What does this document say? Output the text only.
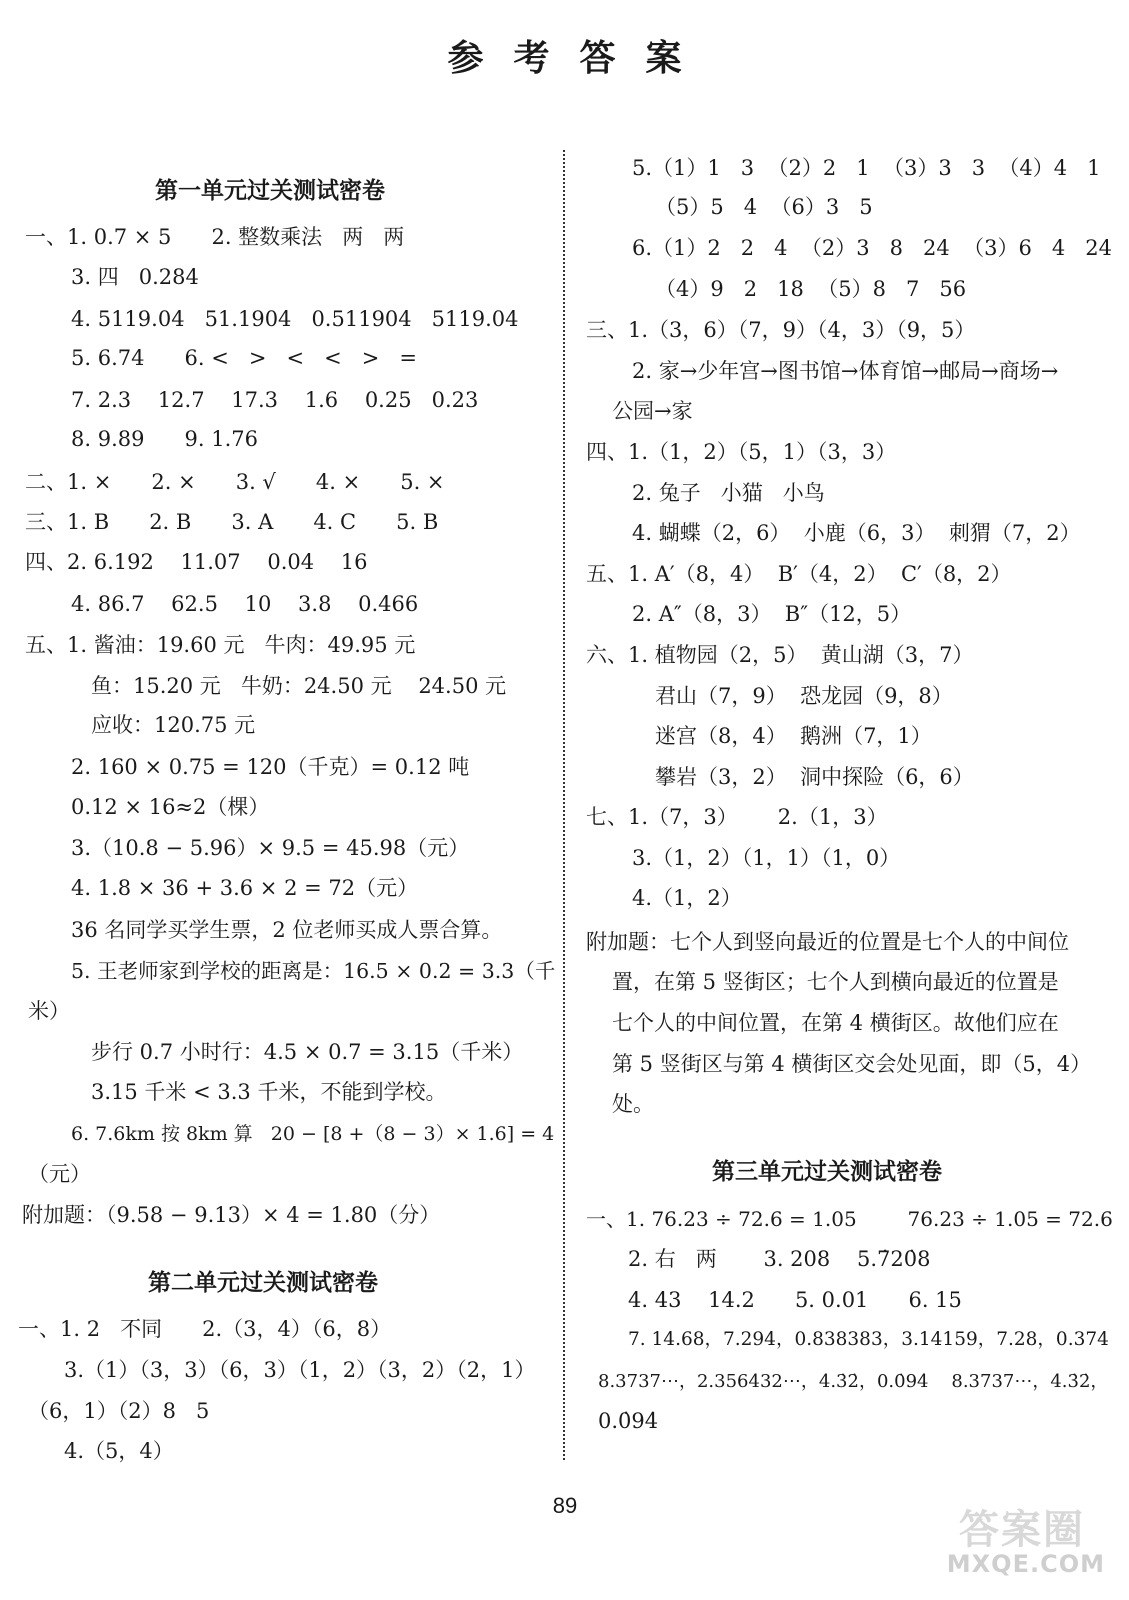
参考答案
第一单元过关测试密卷
一、1. 0.7 × 5      2. 整数乘法   两   两
3. 四   0.284
4. 5119.04   51.1904   0.511904   5119.04
5. 6.74      6. <   >   <   <   >   =
7. 2.3    12.7    17.3    1.6    0.25   0.23
8. 9.89      9. 1.76
二、1. ×      2. ×      3. √      4. ×      5. ×
三、1. B      2. B      3. A      4. C      5. B
四、2. 6.192    11.07    0.04    16
4. 86.7    62.5    10    3.8    0.466
五、1. 酱油：19.60 元   牛肉：49.95 元
鱼：15.20 元   牛奶：24.50 元    24.50 元
应收：120.75 元
2. 160 × 0.75 = 120（千克）= 0.12 吨
0.12 × 16≈2（棵）
3.（10.8 − 5.96）× 9.5 = 45.98（元）
4. 1.8 × 36 + 3.6 × 2 = 72（元）
36 名同学买学生票，2 位老师买成人票合算。
5. 王老师家到学校的距离是：16.5 × 0.2 = 3.3（千
米）
步行 0.7 小时行：4.5 × 0.7 = 3.15（千米）
3.15 千米 < 3.3 千米，不能到学校。
6. 7.6km 按 8km 算   20 − [8 +（8 − 3）× 1.6] = 4
（元）
附加题：（9.58 − 9.13）× 4 = 1.80（分）
第二单元过关测试密卷
一、1. 2   不同      2.（3，4）（6，8）
3.（1）（3，3）（6，3）（1，2）（3，2）（2，1）
（6，1）（2）8   5
4.（5，4）
5.（1）1   3  （2）2   1  （3）3   3  （4）4   1
（5）5   4  （6）3   5
6.（1）2   2   4  （2）3   8   24  （3）6   4   24
（4）9   2   18  （5）8   7   56
三、1.（3，6）（7，9）（4，3）（9，5）
2. 家→少年宫→图书馆→体育馆→邮局→商场→
公园→家
四、1.（1，2）（5，1）（3，3）
2. 兔子   小猫   小鸟
4. 蝴蝶（2，6）  小鹿（6，3）  刺猬（7，2）
五、1. A′（8，4）  B′（4，2）  C′（8，2）
2. A″（8，3）  B″（12，5）
六、1. 植物园（2，5）  黄山湖（3，7）
君山（7，9）  恐龙园（9，8）
迷宫（8，4）  鹅洲（7，1）
攀岩（3，2）  洞中探险（6，6）
七、1.（7，3）      2.（1，3）
3.（1，2）（1，1）（1，0）
4.（1，2）
附加题：七个人到竖向最近的位置是七个人的中间位
置，在第 5 竖街区；七个人到横向最近的位置是
七个人的中间位置，在第 4 横街区。故他们应在
第 5 竖街区与第 4 横街区交会处见面，即（5，4）
处。
第三单元过关测试密卷
一、1. 76.23 ÷ 72.6 = 1.05        76.23 ÷ 1.05 = 72.6
2. 右   两       3. 208    5.7̇20̇8
4. 43    14.2      5. 0.01      6. 15
7. 14.68，7.294，0.838383，3.14159，7.28，0.374
8.3737⋯，2.356432⋯，4.3̇2̇，0.0̇94̇    8.3737⋯，4.3̇2̇，
0.0̇94̇
89
答案圈
MXQE.COM
